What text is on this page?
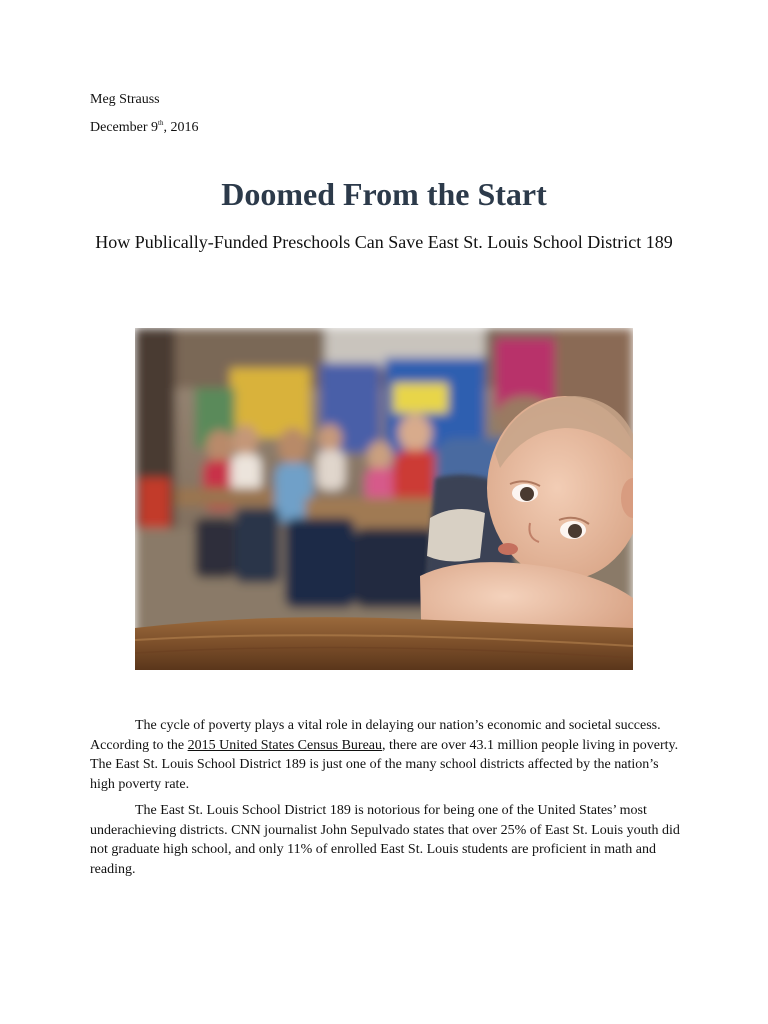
Meg Strauss
December 9th, 2016
Doomed From the Start
How Publically-Funded Preschools Can Save East St. Louis School District 189

The cycle of poverty plays a vital role in delaying our nation’s economic and societal success. According to the 2015 United States Census Bureau, there are over 43.1 million people living in poverty. The East St. Louis School District 189 is just one of the many school districts affected by the nation’s high poverty rate.

The East St. Louis School District 189 is notorious for being one of the United States’ most underachieving districts. CNN journalist John Sepulvado states that over 25% of East St. Louis youth did not graduate high school, and only 11% of enrolled East St. Louis students are proficient in math and reading.
